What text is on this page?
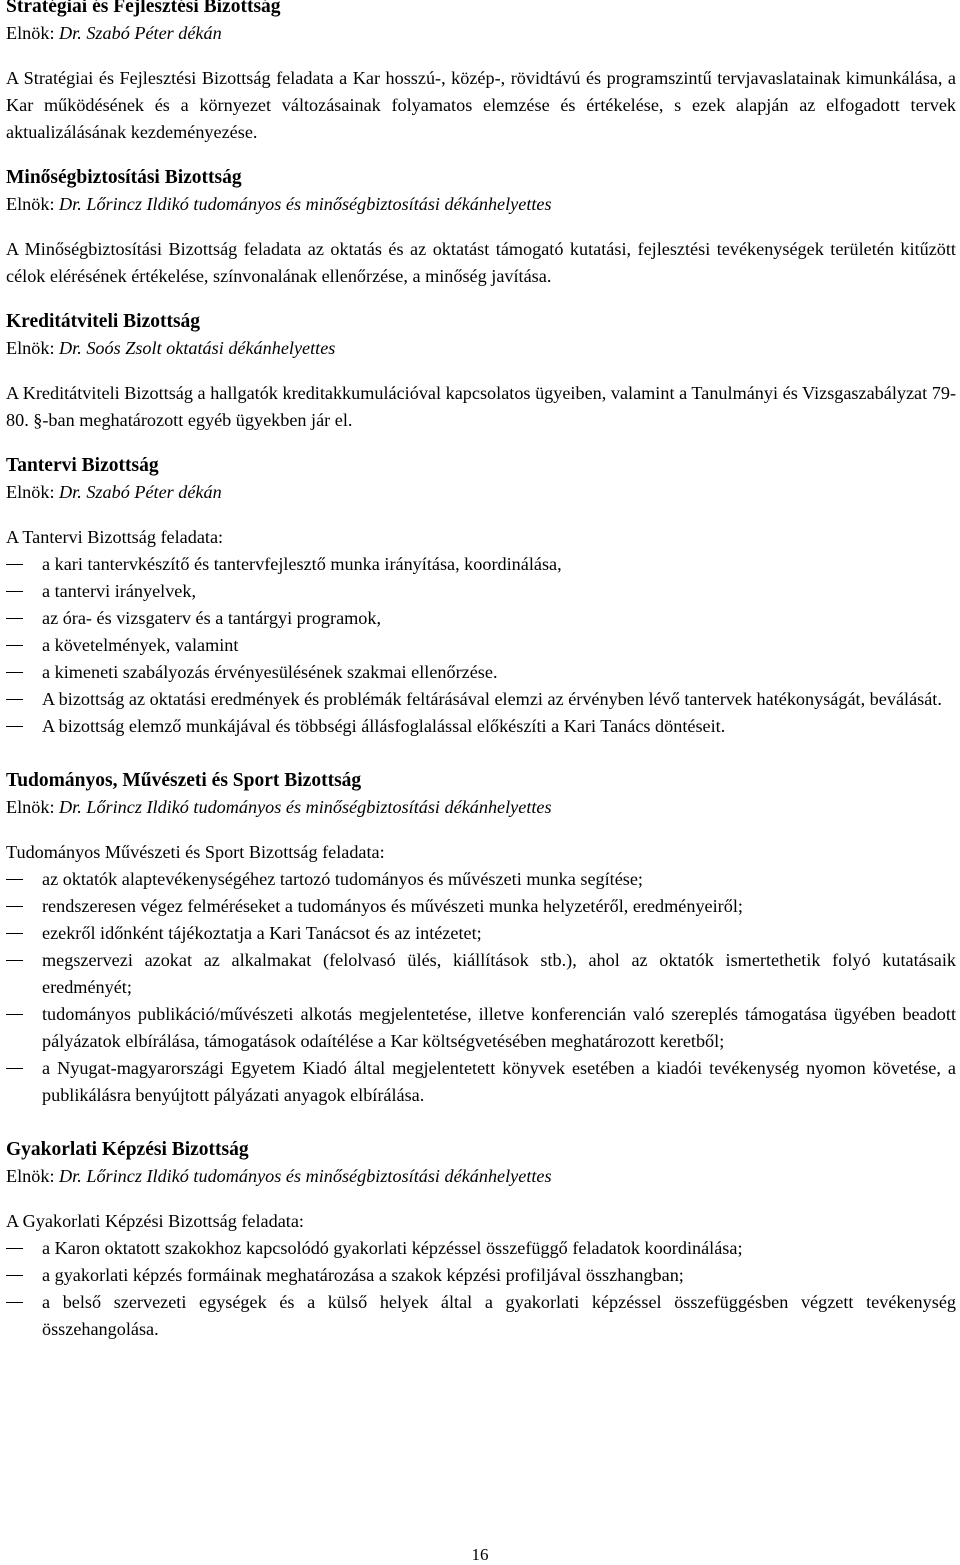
Stratégiai és Fejlesztési Bizottság
Elnök: Dr. Szabó Péter dékán

A Stratégiai és Fejlesztési Bizottság feladata a Kar hosszú-, közép-, rövidtávú és programszintű tervjavaslatainak kimunkálása, a Kar működésének és a környezet változásainak folyamatos elemzése és értékelése, s ezek alapján az elfogadott tervek aktualizálásának kezdeményezése.

Minőségbiztosítási Bizottság
Elnök: Dr. Lőrincz Ildikó tudományos és minőségbiztosítási dékánhelyettes

A Minőségbiztosítási Bizottság feladata az oktatás és az oktatást támogató kutatási, fejlesztési tevékenységek területén kitűzött célok elérésének értékelése, színvonalának ellenőrzése, a minőség javítása.

Kreditátviteli Bizottság
Elnök: Dr. Soós Zsolt oktatási dékánhelyettes

A Kreditátviteli Bizottság a hallgatók kreditakkumulációval kapcsolatos ügyeiben, valamint a Tanulmányi és Vizsgaszabályzat 79-80. §-ban meghatározott egyéb ügyekben jár el.

Tantervi Bizottság
Elnök: Dr. Szabó Péter dékán

A Tantervi Bizottság feladata:

a kari tantervkészítő és tantervfejlesztő munka irányítása, koordinálása,
a tantervi irányelvek,
az óra- és vizsgaterv és a tantárgyi programok,
a követelmények, valamint
a kimeneti szabályozás érvényesülésének szakmai ellenőrzése.
A bizottság az oktatási eredmények és problémák feltárásával elemzi az érvényben lévő tantervek hatékonyságát, beválását.
A bizottság elemző munkájával és többségi állásfoglalással előkészíti a Kari Tanács döntéseit.
Tudományos, Művészeti és Sport Bizottság
Elnök: Dr. Lőrincz Ildikó tudományos és minőségbiztosítási dékánhelyettes

Tudományos Művészeti és Sport Bizottság feladata:

az oktatók alaptevékenységéhez tartozó tudományos és művészeti munka segítése;
rendszeresen végez felméréseket a tudományos és művészeti munka helyzetéről, eredményeiről;
ezekről időnként tájékoztatja a Kari Tanácsot és az intézetet;
megszervezi azokat az alkalmakat (felolvasó ülés, kiállítások stb.), ahol az oktatók ismertethetik folyó kutatásaik eredményét;
tudományos publikáció/művészeti alkotás megjelentetése, illetve konferencián való szereplés támogatása ügyében beadott pályázatok elbírálása, támogatások odaítélése a Kar költségvetésében meghatározott keretből;
a Nyugat-magyarországi Egyetem Kiadó által megjelentetett könyvek esetében a kiadói tevékenység nyomon követése, a publikálásra benyújtott pályázati anyagok elbírálása.
Gyakorlati Képzési Bizottság
Elnök: Dr. Lőrincz Ildikó tudományos és minőségbiztosítási dékánhelyettes

A Gyakorlati Képzési Bizottság feladata:

a Karon oktatott szakokhoz kapcsolódó gyakorlati képzéssel összefüggő feladatok koordinálása;
a gyakorlati képzés formáinak meghatározása a szakok képzési profiljával összhangban;
a belső szervezeti egységek és a külső helyek által a gyakorlati képzéssel összefüggésben végzett tevékenység összehangolása.
16
